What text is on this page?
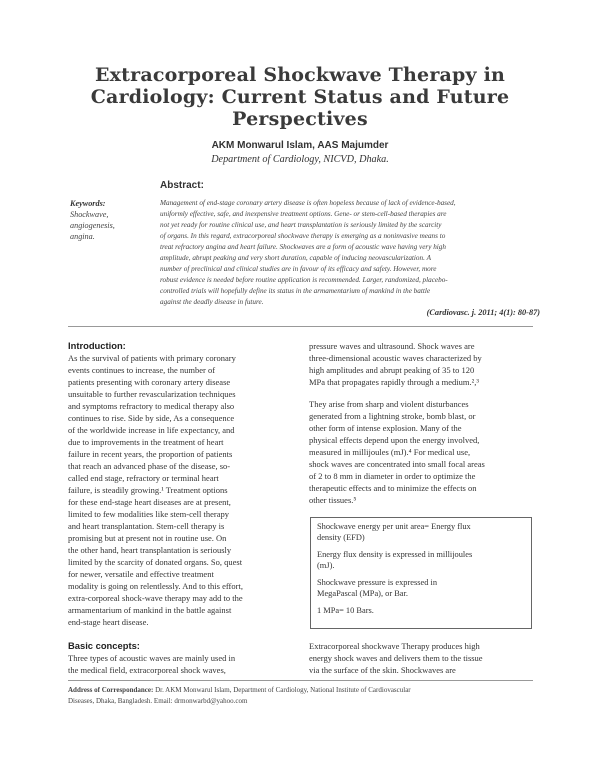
Extracorporeal Shockwave Therapy in
Cardiology: Current Status and Future
Perspectives
AKM Monwarul Islam, AAS Majumder
Department of Cardiology, NICVD, Dhaka.
Abstract:
Keywords:
Shockwave,
angiogenesis,
angina.
Management of end-stage coronary artery disease is often hopeless because of lack of evidence-based,
uniformly effective, safe, and inexpensive treatment options. Gene- or stem-cell-based therapies are
not yet ready for routine clinical use, and heart transplantation is seriously limited by the scarcity
of organs. In this regard, extracorporeal shockwave therapy is emerging as a noninvasive means to
treat refractory angina and heart failure. Shockwaves are a form of acoustic wave having very high
amplitude, abrupt peaking and very short duration, capable of inducing neovascularization. A
number of preclinical and clinical studies are in favour of its efficacy and safety. However, more
robust evidence is needed before routine application is recommended. Larger, randomized, placebo-
controlled trials will hopefully define its status in the armamentarium of mankind in the battle
against the deadly disease in future.
(Cardiovasc. j. 2011; 4(1): 80-87)
Introduction:
As the survival of patients with primary coronary
events continues to increase, the number of
patients presenting with coronary artery disease
unsuitable to further revascularization techniques
and symptoms refractory to medical therapy also
continues to rise. Side by side, As a consequence
of the worldwide increase in life expectancy, and
due to improvements in the treatment of heart
failure in recent years, the proportion of patients
that reach an advanced phase of the disease, so-
called end stage, refractory or terminal heart
failure, is steadily growing.¹ Treatment options
for these end-stage heart diseases are at present,
limited to few modalities like stem-cell therapy
and heart transplantation. Stem-cell therapy is
promising but at present not in routine use. On
the other hand, heart transplantation is seriously
limited by the scarcity of donated organs. So, quest
for newer, versatile and effective treatment
modality is going on relentlessly. And to this effort,
extra-corporeal shock-wave therapy may add to the
armamentarium of mankind in the battle against
end-stage heart disease.
Basic concepts:
Three types of acoustic waves are mainly used in
the medical field, extracorporeal shock waves,
pressure waves and ultrasound. Shock waves are
three-dimensional acoustic waves characterized by
high amplitudes and abrupt peaking of 35 to 120
MPa that propagates rapidly through a medium.²,³
They arise from sharp and violent disturbances
generated from a lightning stroke, bomb blast, or
other form of intense explosion. Many of the
physical effects depend upon the energy involved,
measured in millijoules (mJ).⁴ For medical use,
shock waves are concentrated into small focal areas
of 2 to 8 mm in diameter in order to optimize the
therapeutic effects and to minimize the effects on
other tissues.⁵
Shockwave energy per unit area= Energy flux
density (EFD)
Energy flux density is expressed in millijoules
(mJ).
Shockwave pressure is expressed in
MegaPascal (MPa), or Bar.
1 MPa= 10 Bars.
Extracorporeal shockwave Therapy produces high
energy shock waves and delivers them to the tissue
via the surface of the skin. Shockwaves are
Address of Correspondance: Dr. AKM Monwarul Islam, Department of Cardiology, National Institute of Cardiovascular
Diseases, Dhaka, Bangladesh. Email: drmonwarbd@yahoo.com
